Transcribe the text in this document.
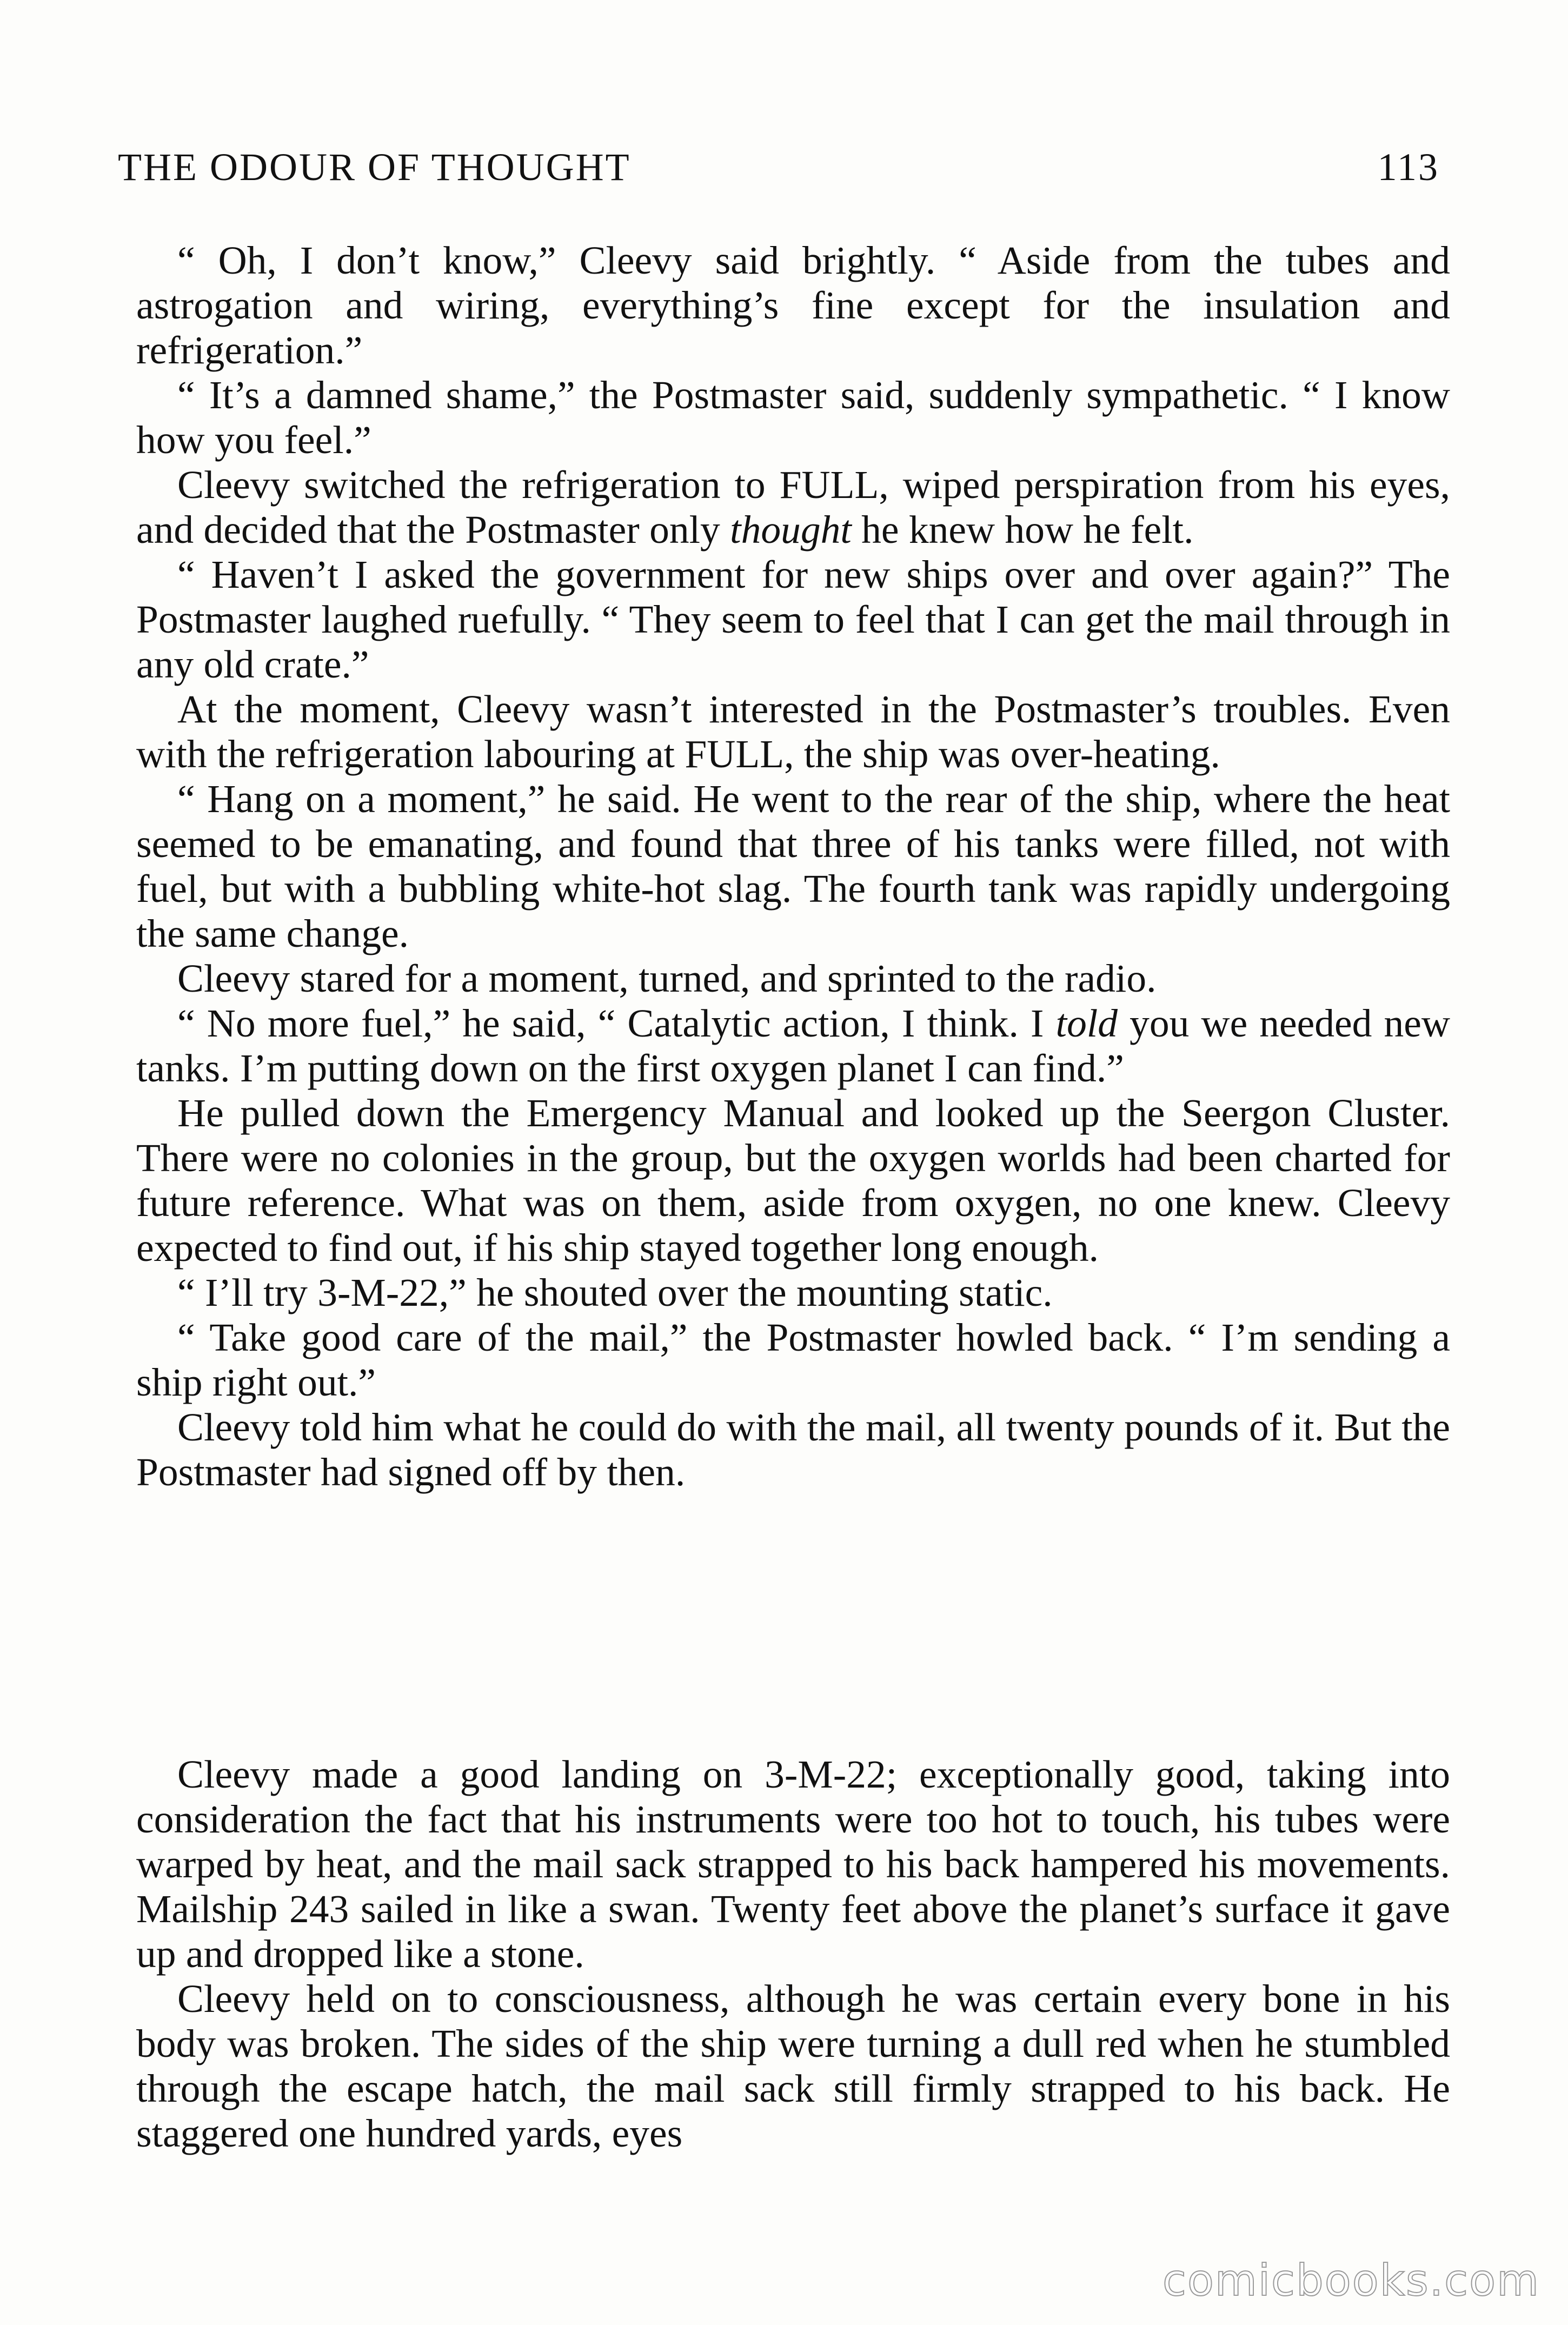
THE ODOUR OF THOUGHT	113

“ Oh, I don’t know,” Cleevy said brightly. “ Aside from the tubes and astrogation and wiring, everything’s fine except for the insulation and refrigeration.”

“ It’s a damned shame,” the Postmaster said, suddenly sympathetic. “ I know how you feel.”

Cleevy switched the refrigeration to FULL, wiped perspiration from his eyes, and decided that the Postmaster only thought he knew how he felt.

“ Haven’t I asked the government for new ships over and over again?” The Postmaster laughed ruefully. “ They seem to feel that I can get the mail through in any old crate.”

At the moment, Cleevy wasn’t interested in the Postmaster’s troubles. Even with the refrigeration labouring at FULL, the ship was over-heating.

“ Hang on a moment,” he said. He went to the rear of the ship, where the heat seemed to be emanating, and found that three of his tanks were filled, not with fuel, but with a bubbling white-hot slag. The fourth tank was rapidly undergoing the same change.

Cleevy stared for a moment, turned, and sprinted to the radio.

“ No more fuel,” he said, “ Catalytic action, I think. I told you we needed new tanks. I’m putting down on the first oxygen planet I can find.”

He pulled down the Emergency Manual and looked up the Seergon Cluster. There were no colonies in the group, but the oxygen worlds had been charted for future reference. What was on them, aside from oxygen, no one knew. Cleevy expected to find out, if his ship stayed together long enough.

“ I’ll try 3-M-22,” he shouted over the mounting static.

“ Take good care of the mail,” the Postmaster howled back. “ I’m sending a ship right out.”

Cleevy told him what he could do with the mail, all twenty pounds of it. But the Postmaster had signed off by then.

Cleevy made a good landing on 3-M-22; exceptionally good, taking into consideration the fact that his instruments were too hot to touch, his tubes were warped by heat, and the mail sack strapped to his back hampered his movements. Mailship 243 sailed in like a swan. Twenty feet above the planet’s surface it gave up and dropped like a stone.

Cleevy held on to consciousness, although he was certain every bone in his body was broken. The sides of the ship were turning a dull red when he stumbled through the escape hatch, the mail sack still firmly strapped to his back. He staggered one hundred yards, eyes

comicbooks.com
